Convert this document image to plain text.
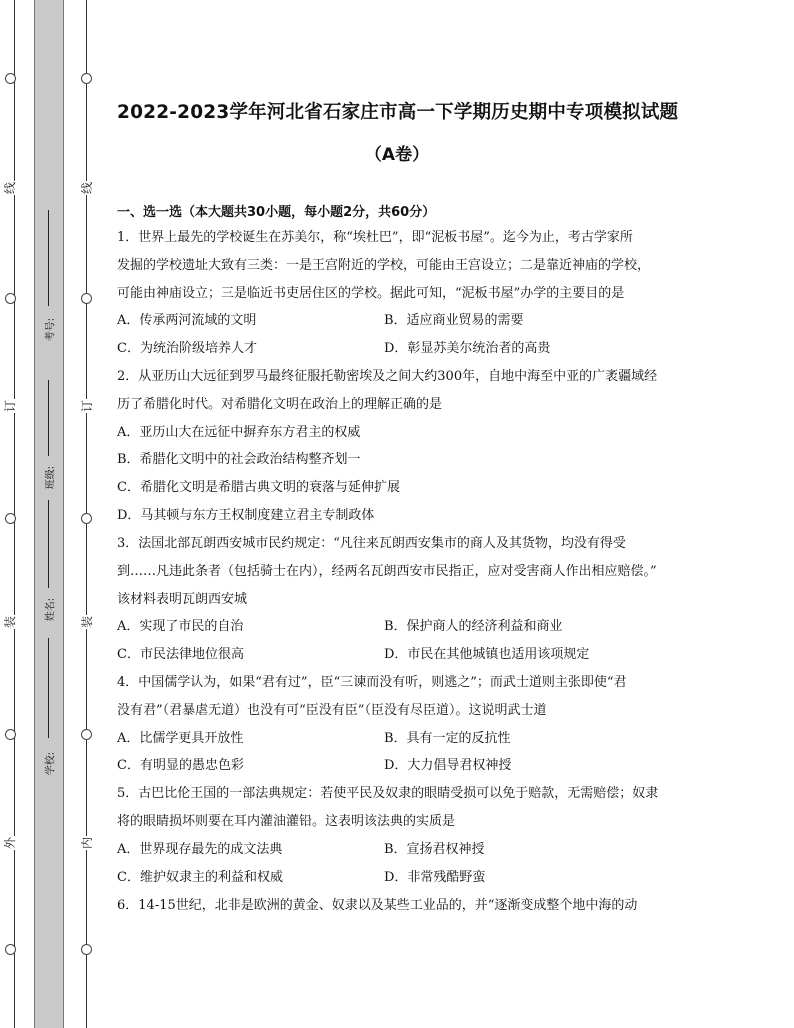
线
订
装
外
线
订
装
内
考号:
班级:
姓名:
学校:
2022-2023学年河北省石家庄市高一下学期历史期中专项模拟试题
（A卷）
一、选一选（本大题共30小题，每小题2分，共60分）
1．世界上最先的学校诞生在苏美尔，称“埃杜巴”，即“泥板书屋”。迄今为止，考古学家所
发掘的学校遗址大致有三类：一是王宫附近的学校，可能由王宫设立；二是靠近神庙的学校，
可能由神庙设立；三是临近书吏居住区的学校。据此可知，“泥板书屋”办学的主要目的是
A．传承两河流域的文明	B．适应商业贸易的需要
C．为统治阶级培养人才	D．彰显苏美尔统治者的高贵
2．从亚历山大远征到罗马最终征服托勒密埃及之间大约300年，自地中海至中亚的广袤疆域经
历了希腊化时代。对希腊化文明在政治上的理解正确的是
A．亚历山大在远征中摒弃东方君主的权威
B．希腊化文明中的社会政治结构整齐划一
C．希腊化文明是希腊古典文明的衰落与延伸扩展
D．马其顿与东方王权制度建立君主专制政体
3．法国北部瓦朗西安城市民约规定：“凡往来瓦朗西安集市的商人及其货物，均没有得受
到……凡违此条者（包括骑士在内），经两名瓦朗西安市民指正，应对受害商人作出相应赔偿。”
该材料表明瓦朗西安城
A．实现了市民的自治	B．保护商人的经济利益和商业
C．市民法律地位很高	D．市民在其他城镇也适用该项规定
4．中国儒学认为，如果“君有过”，臣“三谏而没有听，则逃之”；而武士道则主张即使“君
没有君”（君暴虐无道）也没有可“臣没有臣”（臣没有尽臣道）。这说明武士道
A．比儒学更具开放性	B．具有一定的反抗性
C．有明显的愚忠色彩	D．大力倡导君权神授
5．古巴比伦王国的一部法典规定：若使平民及奴隶的眼睛受损可以免于赔款，无需赔偿；奴隶
将的眼睛损坏则要在耳内灌油灌铅。这表明该法典的实质是
A．世界现存最先的成文法典	B．宣扬君权神授
C．维护奴隶主的利益和权威	D．非常残酷野蛮
6．14-15世纪，北非是欧洲的黄金、奴隶以及某些工业品的，并“逐渐变成整个地中海的动
